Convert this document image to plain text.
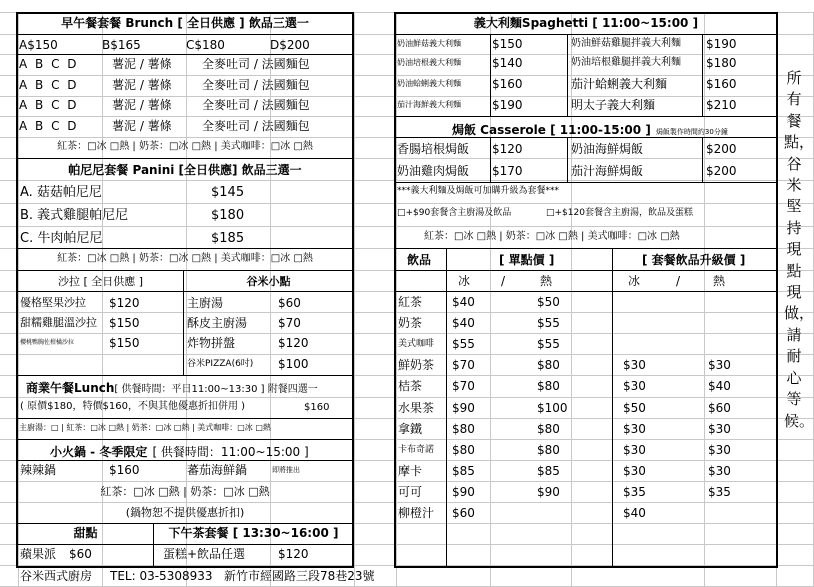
早午餐套餐 Brunch [ 全日供應 ] 飲品三選一
A$150	B$165	C$180	D$200
A B C D	薯泥 / 薯條	全麥吐司 / 法國麵包
A B C D	薯泥 / 薯條	全麥吐司 / 法國麵包
A B C D	薯泥 / 薯條	全麥吐司 / 法國麵包
A B C D	薯泥 / 薯條	全麥吐司 / 法國麵包
紅茶：□冰 □熱 | 奶茶：□冰 □熱 | 美式咖啡：□冰 □熱
帕尼尼套餐 Panini [全日供應] 飲品三選一
A. 菇菇帕尼尼	$145
B. 義式雞腿帕尼尼	$180
C. 牛肉帕尼尼	$185
紅茶：□冰 □熱 | 奶茶：□冰 □熱 | 美式咖啡：□冰 □熱
沙拉 [ 全日供應 ]
優格堅果沙拉 $120
甜糯雞腿溫沙拉 $150
櫻桃鴨胸佐柑橘沙拉	$150
谷米小點
主廚湯	$60
酥皮主廚湯	$70
炸物拼盤	$120
谷米PIZZA(6吋) $100
商業午餐Lunch[ 供餐時間：平日11:00~13:30 ] 附餐四選一
( 原價$180，特價$160，不與其他優惠折扣併用 )	$160
主廚湯：□ | 紅茶：□冰 □熱 | 奶茶：□冰 □熱 | 美式咖啡：□冰 □熱
小火鍋 - 冬季限定 [ 供餐時間：11:00~15:00 ]
辣辣鍋	$160	蕃茄海鮮鍋	即將推出
紅茶：□冰 □熱 | 奶茶：□冰 □熱
(鍋物恕不提供優惠折扣)
甜點
蘋果派 $60
下午茶套餐 [ 13:30~16:00 ]
蛋糕+飲品任選	$120
谷米西式廚房 TEL: 03-5308933 新竹市經國路三段78巷23號
義大利麵Spaghetti [ 11:00~15:00 ]
奶油鮮菇義大利麵	$150	奶油鮮菇雞腿拌義大利麵 $190
奶油培根義大利麵	$140	奶油培根雞腿拌義大利麵 $180
奶油蛤蜊義大利麵	$160	茄汁蛤蜊義大利麵	$160
茄汁海鮮義大利麵	$190	明太子義大利麵	$210
焗飯 Casserole [ 11:00-15:00 ] 焗飯製作時間約30分鐘
香腸培根焗飯 $120	奶油海鮮焗飯	$200
奶油雞肉焗飯 $170	茄汁海鮮焗飯	$200
***義大利麵及焗飯可加購升級為套餐***
□+$90套餐含主廚湯及飲品	□+$120套餐含主廚湯，飲品及蛋糕
紅茶：□冰 □熱 | 奶茶：□冰 □熱 | 美式咖啡：□冰 □熱
飲品	[ 單點價 ]	[ 套餐飲品升級價 ]
冰	/	熱	冰	/	熱
紅茶 $40	$50
奶茶 $40	$55
美式咖啡 $55	$55
鮮奶茶 $70	$80	$30	$30
桔茶 $70	$80	$30	$40
水果茶 $90	$100	$50	$60
拿鐵 $80	$80	$30	$30
卡布奇諾 $80	$80	$30	$30
摩卡 $85	$85	$30	$30
可可 $90	$90	$35	$35
柳橙汁 $60	$40
所有餐點，谷米堅持現點現做，請耐心等候。
